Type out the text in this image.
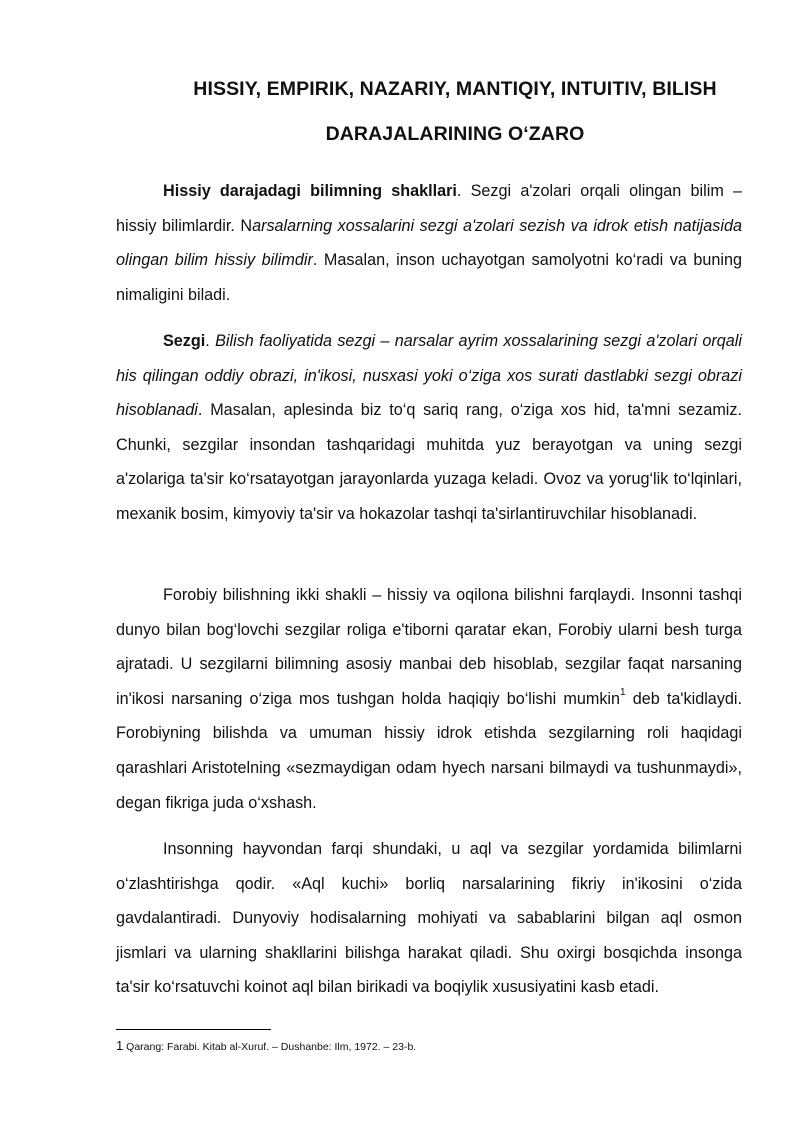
HISSIY, EMPIRIK, NAZARIY, MANTIQIY, INTUITIV, BILISH
DARAJALARINING O‘ZARO

Hissiy darajadagi bilimning shakllari. Sezgi a'zolari orqali olingan bilim – hissiy bilimlardir. Narsalarning xossalarini sezgi a'zolari sezish va idrok etish natijasida olingan bilim hissiy bilimdir. Masalan, inson uchayotgan samolyotni ko‘radi va buning nimaligini biladi.

Sezgi. Bilish faoliyatida sezgi – narsalar ayrim xossalarining sezgi a'zolari orqali his qilingan oddiy obrazi, in'ikosi, nusxasi yoki o‘ziga xos surati dastlabki sezgi obrazi hisoblanadi. Masalan, aplesinda biz to‘q sariq rang, o‘ziga xos hid, ta'mni sezamiz. Chunki, sezgilar insondan tashqaridagi muhitda yuz berayotgan va uning sezgi a'zolariga ta'sir ko‘rsatayotgan jarayonlarda yuzaga keladi. Ovoz va yorug‘lik to‘lqinlari, mexanik bosim, kimyoviy ta'sir va hokazolar tashqi ta'sirlantiruvchilar hisoblanadi.

Forobiy bilishning ikki shakli – hissiy va oqilona bilishni farqlaydi. Insonni tashqi dunyo bilan bog‘lovchi sezgilar roliga e'tiborni qaratar ekan, Forobiy ularni besh turga ajratadi. U sezgilarni bilimning asosiy manbai deb hisoblab, sezgilar faqat narsaning in'ikosi narsaning o‘ziga mos tushgan holda haqiqiy bo‘lishi mumkin$^1$ deb ta'kidlaydi. Forobiyning bilishda va umuman hissiy idrok etishda sezgilarning roli haqidagi qarashlari Aristotelning «sezmaydigan odam hyech narsani bilmaydi va tushunmaydi», degan fikriga juda o‘xshash.

Insonning hayvondan farqi shundaki, u aql va sezgilar yordamida bilimlarni o‘zlashtirishga qodir. «Aql kuchi» borliq narsalarining fikriy in'ikosini o‘zida gavdalantiradi. Dunyoviy hodisalarning mohiyati va sabablarini bilgan aql osmon jismlari va ularning shakllarini bilishga harakat qiladi. Shu oxirgi bosqichda insonga ta'sir ko‘rsatuvchi koinot aql bilan birikadi va boqiylik xususiyatini kasb etadi.

1 Qarang: Farabi. Kitab al-Xuruf. – Dushanbe: Ilm, 1972. – 23-b.
